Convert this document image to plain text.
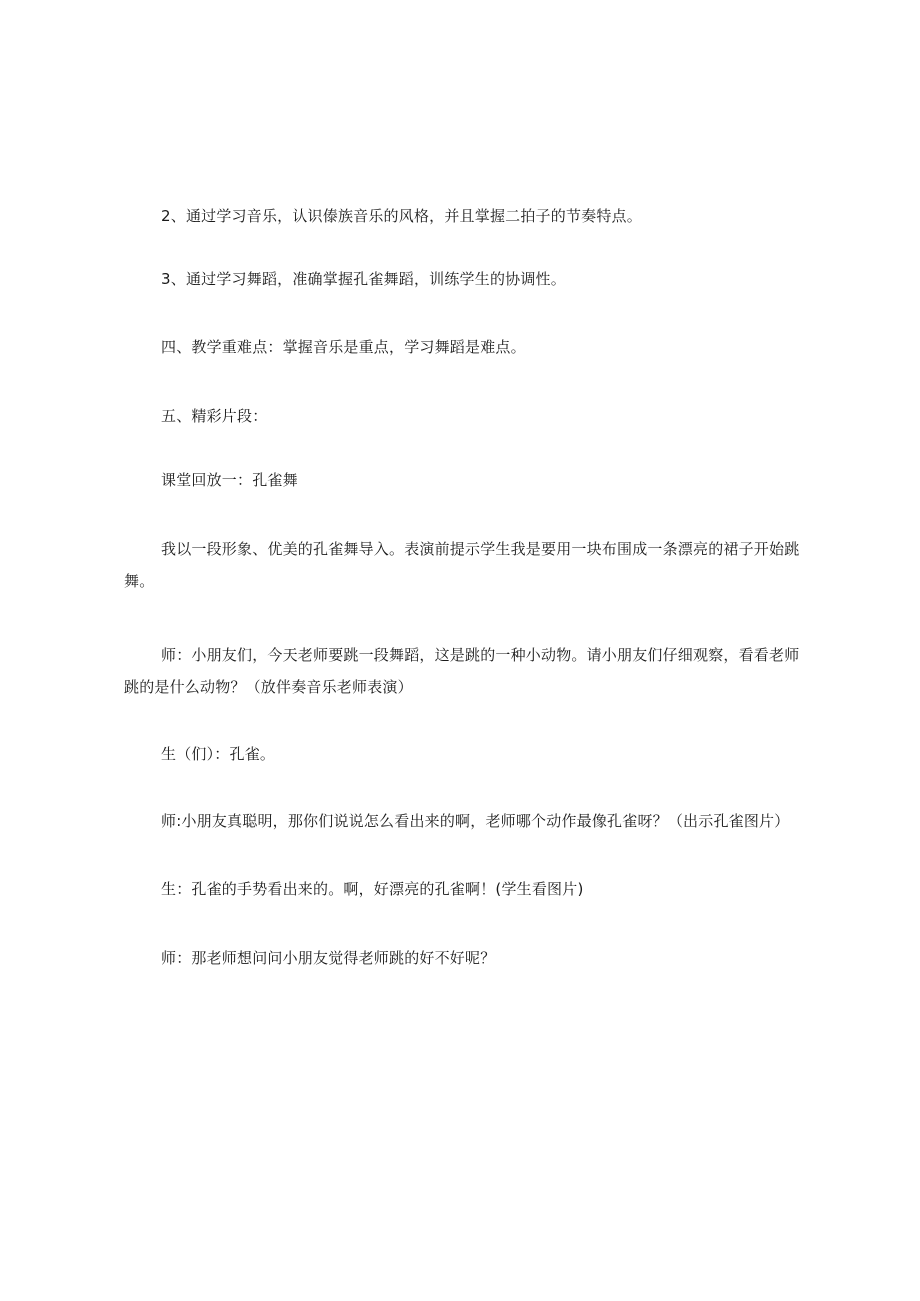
2、通过学习音乐，认识傣族音乐的风格，并且掌握二拍子的节奏特点。

3、通过学习舞蹈，准确掌握孔雀舞蹈，训练学生的协调性。

四、教学重难点：掌握音乐是重点，学习舞蹈是难点。

五、精彩片段：

课堂回放一：孔雀舞

我以一段形象、优美的孔雀舞导入。表演前提示学生我是要用一块布围成一条漂亮的裙子开始跳舞。

师：小朋友们，今天老师要跳一段舞蹈，这是跳的一种小动物。请小朋友们仔细观察，看看老师跳的是什么动物？（放伴奏音乐老师表演）

生（们）：孔雀。

师:小朋友真聪明，那你们说说怎么看出来的啊，老师哪个动作最像孔雀呀？（出示孔雀图片）

生：孔雀的手势看出来的。啊，好漂亮的孔雀啊！(学生看图片)

师：那老师想问问小朋友觉得老师跳的好不好呢？
